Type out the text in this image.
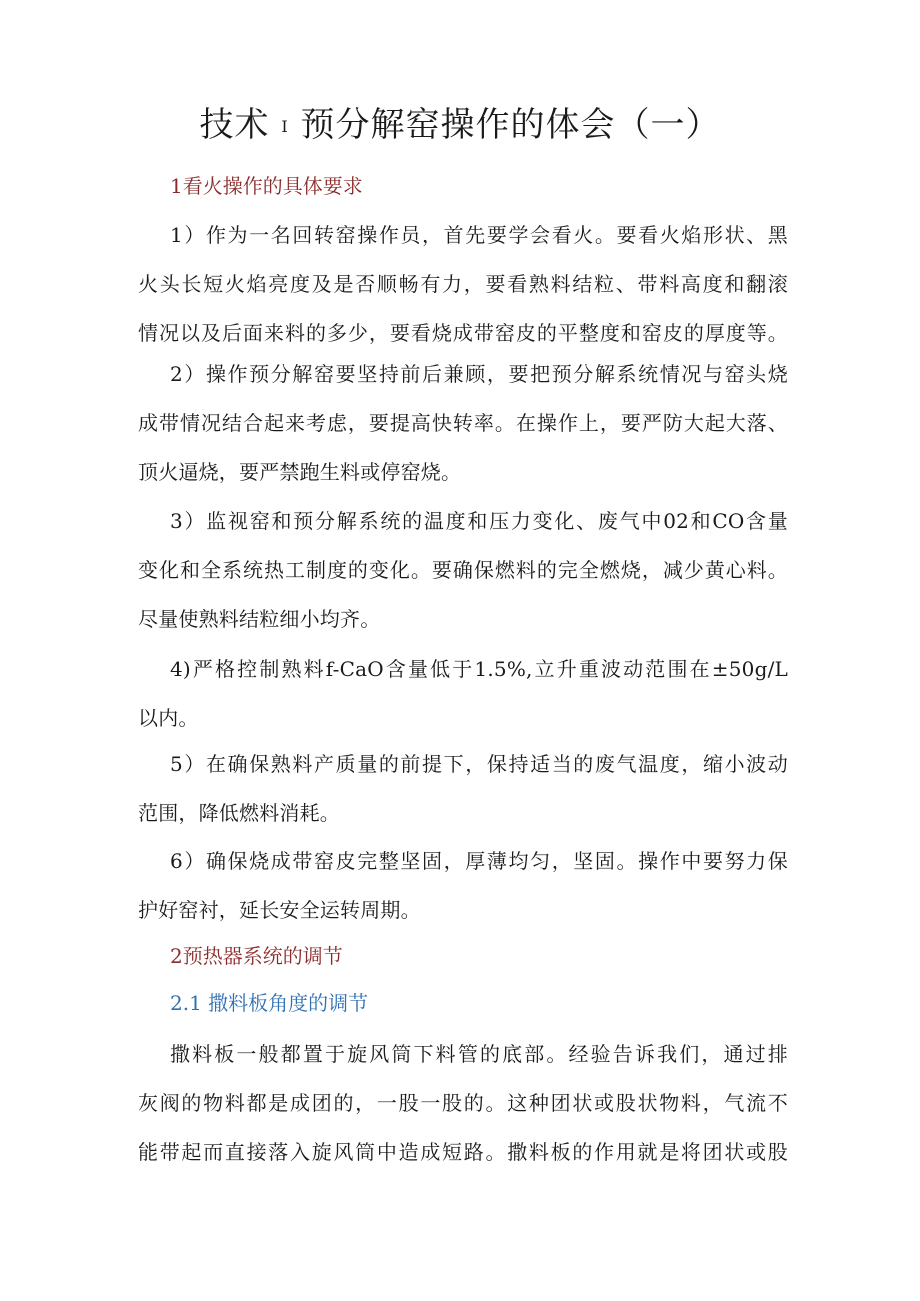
技术 I 预分解窑操作的体会（一）
1看火操作的具体要求
1）作为一名回转窑操作员，首先要学会看火。要看火焰形状、黑
火头长短火焰亮度及是否顺畅有力，要看熟料结粒、带料高度和翻滚
情况以及后面来料的多少，要看烧成带窑皮的平整度和窑皮的厚度等。
2）操作预分解窑要坚持前后兼顾，要把预分解系统情况与窑头烧
成带情况结合起来考虑，要提高快转率。在操作上，要严防大起大落、
顶火逼烧，要严禁跑生料或停窑烧。
3）监视窑和预分解系统的温度和压力变化、废气中02和CO含量
变化和全系统热工制度的变化。要确保燃料的完全燃烧，减少黄心料。
尽量使熟料结粒细小均齐。
4)严格控制熟料f-CaO含量低于1.5%,立升重波动范围在±50g/L
以内。
5）在确保熟料产质量的前提下，保持适当的废气温度，缩小波动
范围，降低燃料消耗。
6）确保烧成带窑皮完整坚固，厚薄均匀，坚固。操作中要努力保
护好窑衬，延长安全运转周期。
2预热器系统的调节
2.1 撒料板角度的调节
撒料板一般都置于旋风筒下料管的底部。经验告诉我们，通过排
灰阀的物料都是成团的，一股一股的。这种团状或股状物料，气流不
能带起而直接落入旋风筒中造成短路。撒料板的作用就是将团状或股
